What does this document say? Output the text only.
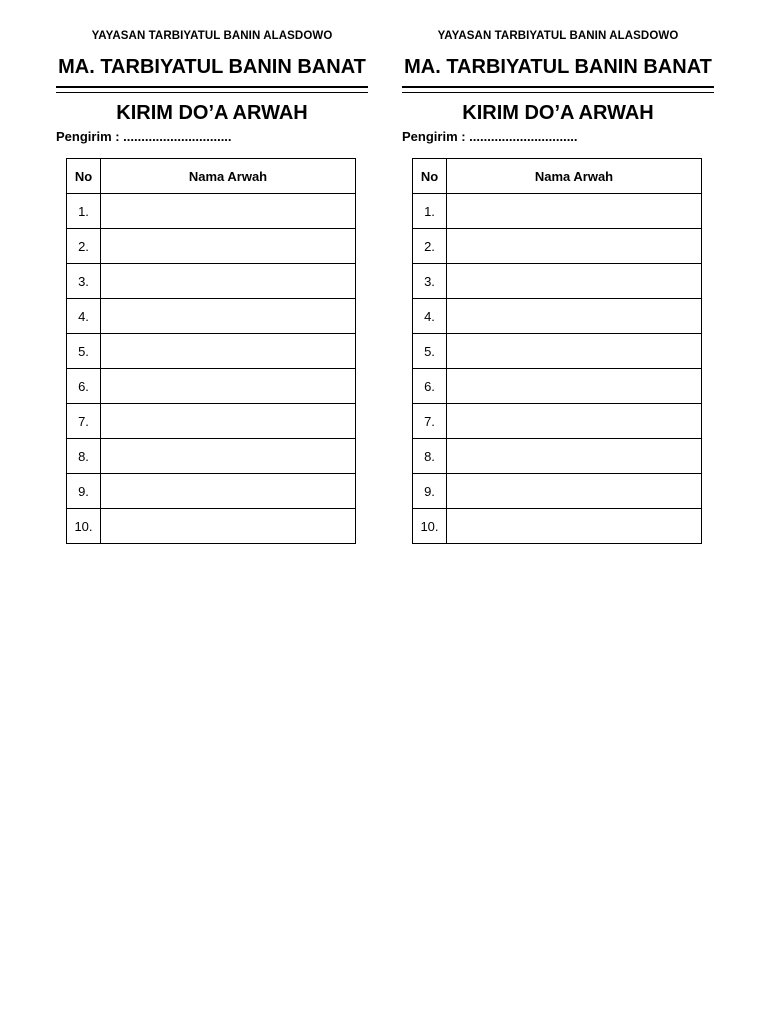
YAYASAN TARBIYATUL BANIN ALASDOWO
MA. TARBIYATUL BANIN BANAT
KIRIM DO’A ARWAH
Pengirim : ..............................
No	Nama Arwah
1.	
2.	
3.	
4.	
5.	
6.	
7.	
8.	
9.	
10.	
YAYASAN TARBIYATUL BANIN ALASDOWO
MA. TARBIYATUL BANIN BANAT
KIRIM DO’A ARWAH
Pengirim : ..............................
No	Nama Arwah
1.	
2.	
3.	
4.	
5.	
6.	
7.	
8.	
9.	
10.	
